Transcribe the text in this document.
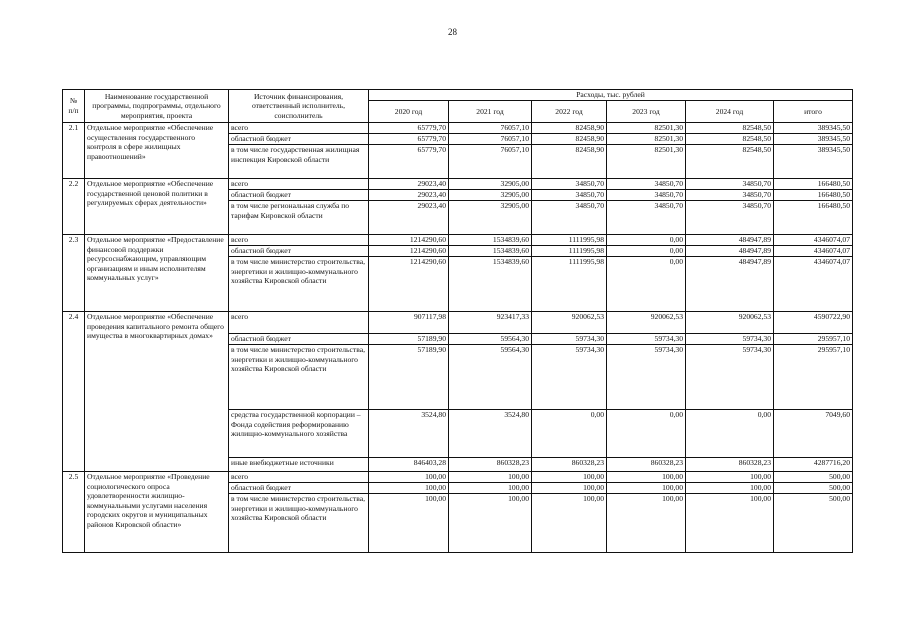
28
№
п/п	Наименование государственной программы, подпрограммы, отдельного мероприятия, проекта	Источник финансирования, ответственный исполнитель, соисполнитель	Расходы, тыс. рублей					
			2020 год	2021 год	2022 год	2023 год	2024 год	итого
2.1	Отдельное мероприятие «Обеспечение осуществления государственного контроля в сфере жилищных правоотношений»	всего	65779,70	76057,10	82458,90	82501,30	82548,50	389345,50
		областной бюджет	65779,70	76057,10	82458,90	82501,30	82548,50	389345,50
		в том числе государственная жилищная инспекция Кировской области	65779,70	76057,10	82458,90	82501,30	82548,50	389345,50
2.2	Отдельное мероприятие «Обеспечение государственной ценовой политики в регулируемых сферах деятельности»	всего	29023,40	32905,00	34850,70	34850,70	34850,70	166480,50
		областной бюджет	29023,40	32905,00	34850,70	34850,70	34850,70	166480,50
		в том числе региональная служба по тарифам Кировской области	29023,40	32905,00	34850,70	34850,70	34850,70	166480,50
2.3	Отдельное мероприятие «Предоставление финансовой поддержки ресурсоснабжающим, управляющим организациям и иным исполнителям коммунальных услуг»	всего	1214290,60	1534839,60	1111995,98	0,00	484947,89	4346074,07
		областной бюджет	1214290,60	1534839,60	1111995,98	0,00	484947,89	4346074,07
		в том числе министерство строительства, энергетики и жилищно-коммунального хозяйства Кировской области	1214290,60	1534839,60	1111995,98	0,00	484947,89	4346074,07
2.4	Отдельное мероприятие «Обеспечение проведения капитального ремонта общего имущества в многоквартирных домах»	всего	907117,98	923417,33	920062,53	920062,53	920062,53	4590722,90
		областной бюджет	57189,90	59564,30	59734,30	59734,30	59734,30	295957,10
		в том числе министерство строительства, энергетики и жилищно-коммунального хозяйства Кировской области	57189,90	59564,30	59734,30	59734,30	59734,30	295957,10
		средства государственной корпорации – Фонда содействия реформированию жилищно-коммунального хозяйства	3524,80	3524,80	0,00	0,00	0,00	7049,60
		иные внебюджетные источники	846403,28	860328,23	860328,23	860328,23	860328,23	4287716,20
2.5	Отдельное мероприятие «Проведение социологического опроса удовлетворенности жилищно-коммунальными услугами населения городских округов и муниципальных районов Кировской области»	всего	100,00	100,00	100,00	100,00	100,00	500,00
		областной бюджет	100,00	100,00	100,00	100,00	100,00	500,00
		в том числе министерство строительства, энергетики и жилищно-коммунального хозяйства Кировской области	100,00	100,00	100,00	100,00	100,00	500,00
